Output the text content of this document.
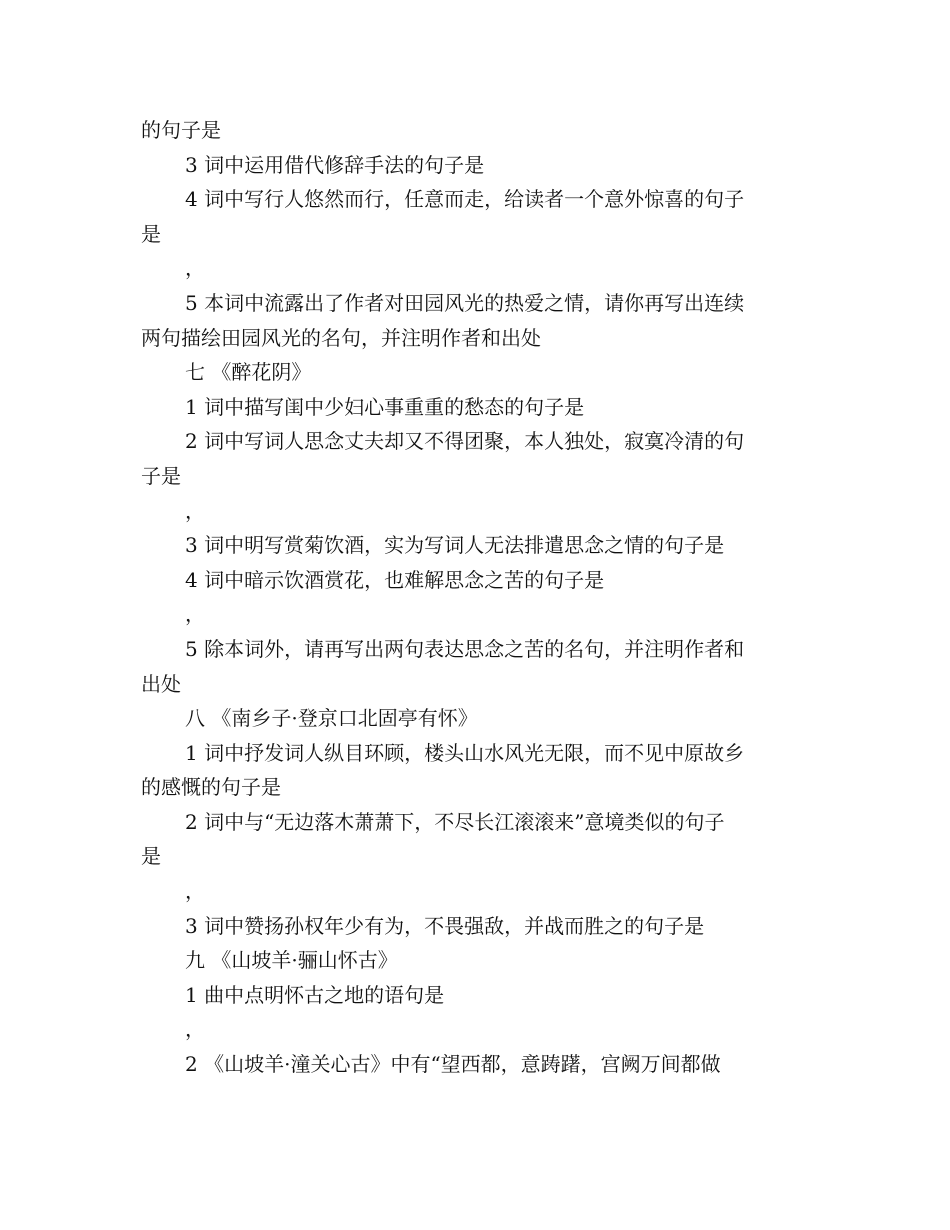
的句子是
3 词中运用借代修辞手法的句子是
4 词中写行人悠然而行，任意而走，给读者一个意外惊喜的句子
是
，
5 本词中流露出了作者对田园风光的热爱之情，请你再写出连续
两句描绘田园风光的名句，并注明作者和出处
七 《醉花阴》
1 词中描写闺中少妇心事重重的愁态的句子是
2 词中写词人思念丈夫却又不得团聚，本人独处，寂寞冷清的句
子是
，
3 词中明写赏菊饮酒，实为写词人无法排遣思念之情的句子是
4 词中暗示饮酒赏花，也难解思念之苦的句子是
，
5 除本词外，请再写出两句表达思念之苦的名句，并注明作者和
出处
八 《南乡子·登京口北固亭有怀》
1 词中抒发词人纵目环顾，楼头山水风光无限，而不见中原故乡
的感慨的句子是
2 词中与“无边落木萧萧下，不尽长江滚滚来”意境类似的句子
是
，
3 词中赞扬孙权年少有为，不畏强敌，并战而胜之的句子是
九 《山坡羊·骊山怀古》
1 曲中点明怀古之地的语句是
，
2 《山坡羊·潼关心古》中有“望西都，意踌躇，宫阙万间都做
